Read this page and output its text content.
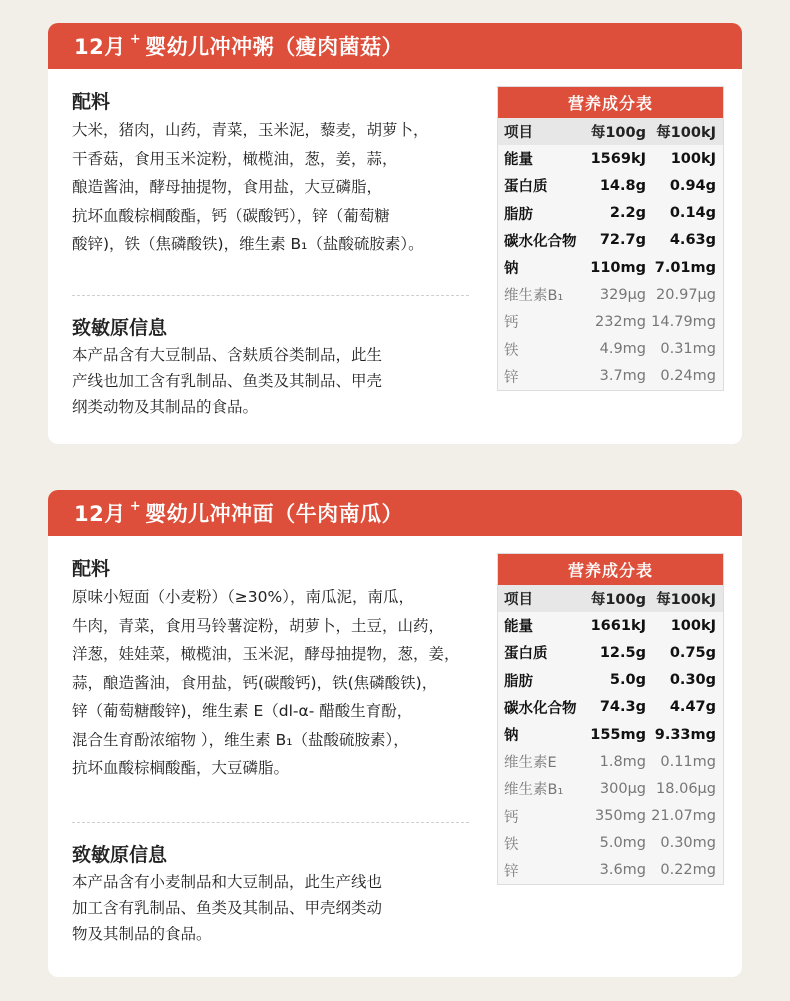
12月 + 婴幼儿冲冲粥（瘦肉菌菇）
配料
大米，猪肉，山药，青菜，玉米泥，藜麦，胡萝卜，
干香菇，食用玉米淀粉，橄榄油，葱，姜，蒜，
酿造酱油，酵母抽提物，食用盐，大豆磷脂，
抗坏血酸棕榈酸酯，钙（碳酸钙），锌（葡萄糖
酸锌)，铁（焦磷酸铁)，维生素 B₁（盐酸硫胺素）。
致敏原信息
本产品含有大豆制品、含麸质谷类制品，此生
产线也加工含有乳制品、鱼类及其制品、甲壳
纲类动物及其制品的食品。
营养成分表
项目	每100g 每100kJ
能量	1569kJ	100kJ
蛋白质	14.8g	0.94g
脂肪	2.2g	0.14g
碳水化合物	72.7g	4.63g
钠	110mg 7.01mg
维生素B₁	329μg 20.97μg
钙	232mg 14.79mg
铁	4.9mg 0.31mg
锌	3.7mg 0.24mg
12月 + 婴幼儿冲冲面（牛肉南瓜）
配料
原味小短面（小麦粉）（≥30%），南瓜泥，南瓜，
牛肉，青菜，食用马铃薯淀粉，胡萝卜，土豆，山药，
洋葱，娃娃菜，橄榄油，玉米泥，酵母抽提物，葱，姜，
蒜，酿造酱油，食用盐，钙(碳酸钙)，铁(焦磷酸铁)，
锌（葡萄糖酸锌)，维生素 E（dl-α- 醋酸生育酚，
混合生育酚浓缩物 ），维生素 B₁（盐酸硫胺素），
抗坏血酸棕榈酸酯，大豆磷脂。
致敏原信息
本产品含有小麦制品和大豆制品，此生产线也
加工含有乳制品、鱼类及其制品、甲壳纲类动
物及其制品的食品。
营养成分表
项目	每100g 每100kJ
能量	1661kJ	100kJ
蛋白质	12.5g	0.75g
脂肪	5.0g	0.30g
碳水化合物	74.3g	4.47g
钠	155mg 9.33mg
维生素E	1.8mg 0.11mg
维生素B₁	300μg 18.06μg
钙	350mg 21.07mg
铁	5.0mg 0.30mg
锌	3.6mg 0.22mg
